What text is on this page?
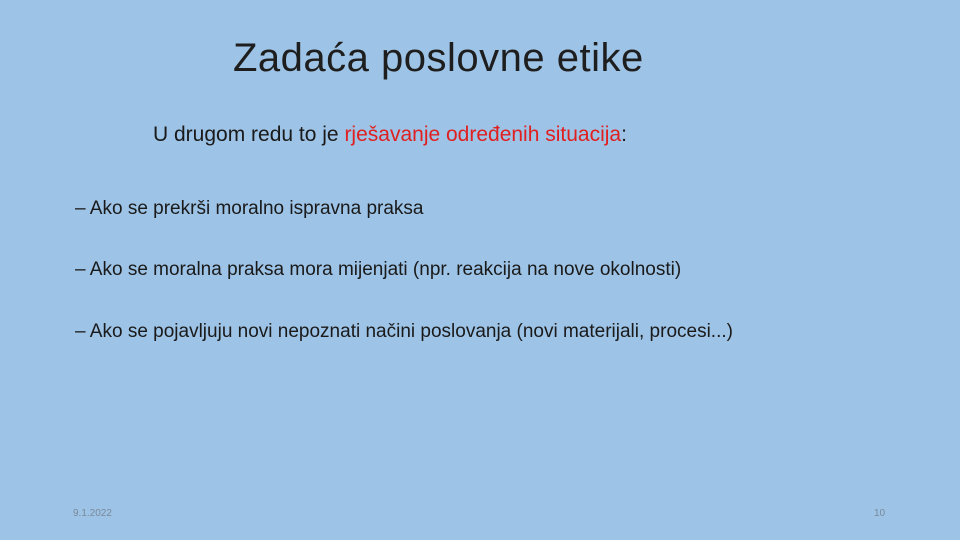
Zadaća poslovne etike
U drugom redu to je rješavanje određenih situacija:
– Ako se prekrši moralno ispravna praksa
– Ako se moralna praksa mora mijenjati (npr. reakcija na nove okolnosti)
– Ako se pojavljuju novi nepoznati načini poslovanja (novi materijali, procesi...)
9.1.2022	10
